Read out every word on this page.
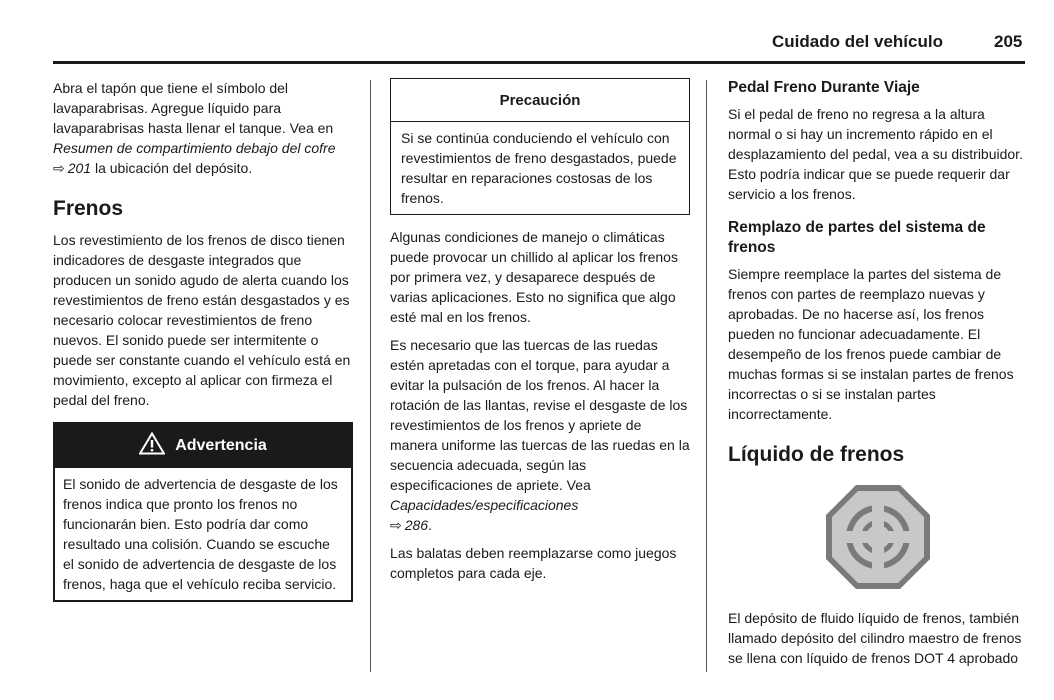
Cuidado del vehículo	205

Abra el tapón que tiene el símbolo del lavaparabrisas. Agregue líquido para lavaparabrisas hasta llenar el tanque. Vea en Resumen de compartimiento debajo del cofre ⇨ 201 la ubicación del depósito.

Frenos

Los revestimiento de los frenos de disco tienen indicadores de desgaste integrados que producen un sonido agudo de alerta cuando los revestimientos de freno están desgastados y es necesario colocar revestimientos de freno nuevos. El sonido puede ser intermitente o puede ser constante cuando el vehículo está en movimiento, excepto al aplicar con firmeza el pedal del freno.

Advertencia

El sonido de advertencia de desgaste de los frenos indica que pronto los frenos no funcionarán bien. Esto podría dar como resultado una colisión. Cuando se escuche el sonido de advertencia de desgaste de los frenos, haga que el vehículo reciba servicio.

Precaución

Si se continúa conduciendo el vehículo con revestimientos de freno desgastados, puede resultar en reparaciones costosas de los frenos.

Algunas condiciones de manejo o climáticas puede provocar un chillido al aplicar los frenos por primera vez, y desaparece después de varias aplicaciones. Esto no significa que algo esté mal en los frenos.

Es necesario que las tuercas de las ruedas estén apretadas con el torque, para ayudar a evitar la pulsación de los frenos. Al hacer la rotación de las llantas, revise el desgaste de los revestimientos de los frenos y apriete de manera uniforme las tuercas de las ruedas en la secuencia adecuada, según las especificaciones de apriete. Vea Capacidades/especificaciones
⇨ 286.

Las balatas deben reemplazarse como juegos completos para cada eje.

Pedal Freno Durante Viaje

Si el pedal de freno no regresa a la altura normal o si hay un incremento rápido en el desplazamiento del pedal, vea a su distribuidor. Esto podría indicar que se puede requerir dar servicio a los frenos.

Remplazo de partes del sistema de frenos

Siempre reemplace la partes del sistema de frenos con partes de reemplazo nuevas y aprobadas. De no hacerse así, los frenos pueden no funcionar adecuadamente. El desempeño de los frenos puede cambiar de muchas formas si se instalan partes de frenos incorrectas o si se instalan partes incorrectamente.

Líquido de frenos

El depósito de fluido líquido de frenos, también llamado depósito del cilindro maestro de frenos se llena con líquido de frenos DOT 4 aprobado
